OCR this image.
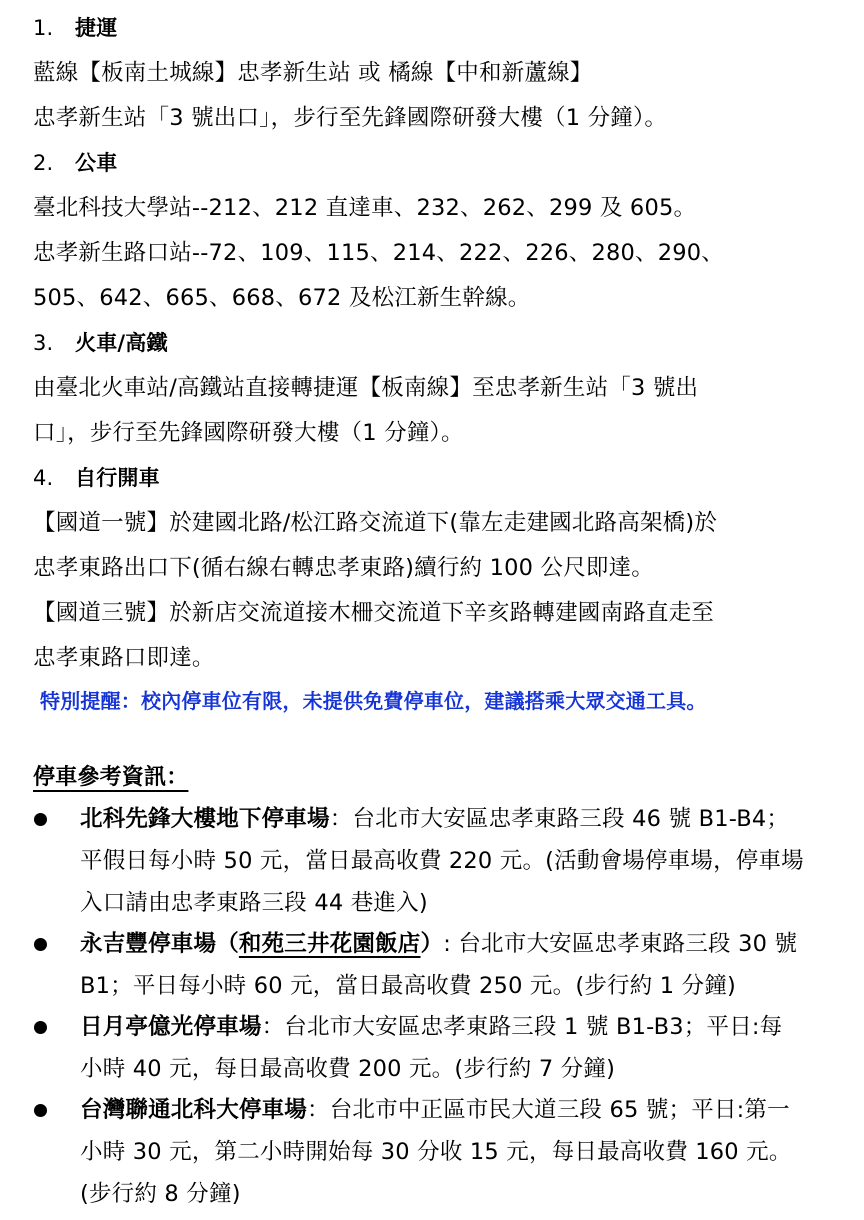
1. 捷運
藍線【板南土城線】忠孝新生站 或 橘線【中和新蘆線】
忠孝新生站「3 號出口」，步行至先鋒國際研發大樓（1 分鐘）。
2. 公車
臺北科技大學站--212、212 直達車、232、262、299 及 605。
忠孝新生路口站--72、109、115、214、222、226、280、290、
505、642、665、668、672 及松江新生幹線。
3. 火車/高鐵
由臺北火車站/高鐵站直接轉捷運【板南線】至忠孝新生站「3 號出
口」，步行至先鋒國際研發大樓（1 分鐘）。
4. 自行開車
【國道一號】於建國北路/松江路交流道下(靠左走建國北路高架橋)於
忠孝東路出口下(循右線右轉忠孝東路)續行約 100 公尺即達。
【國道三號】於新店交流道接木柵交流道下辛亥路轉建國南路直走至
忠孝東路口即達。
特別提醒：校內停車位有限，未提供免費停車位，建議搭乘大眾交通工具。
停車參考資訊：
北科先鋒大樓地下停車場：台北市大安區忠孝東路三段 46 號 B1-B4；
平假日每小時 50 元，當日最高收費 220 元。(活動會場停車場，停車場
入口請由忠孝東路三段 44 巷進入)
永吉豐停車場（和苑三井花園飯店）: 台北市大安區忠孝東路三段 30 號
B1；平日每小時 60 元，當日最高收費 250 元。(步行約 1 分鐘)
日月亭億光停車場：台北市大安區忠孝東路三段 1 號 B1-B3；平日:每
小時 40 元，每日最高收費 200 元。(步行約 7 分鐘)
台灣聯通北科大停車場：台北市中正區市民大道三段 65 號；平日:第一
小時 30 元，第二小時開始每 30 分收 15 元，每日最高收費 160 元。
(步行約 8 分鐘)
